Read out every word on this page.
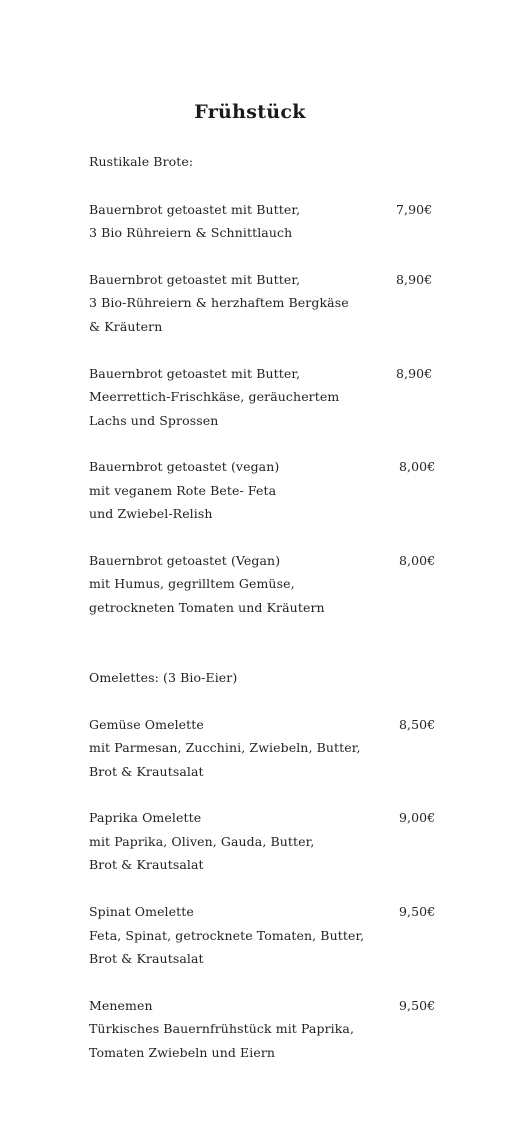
Frühstück
Rustikale Brote:
Bauernbrot getoastet mit Butter,	7,90€
3 Bio Rühreiern & Schnittlauch
Bauernbrot getoastet mit Butter,	8,90€
3 Bio-Rühreiern & herzhaftem Bergkäse
& Kräutern
Bauernbrot getoastet mit Butter,	8,90€
Meerrettich-Frischkäse, geräuchertem
Lachs und Sprossen
Bauernbrot getoastet (vegan)	8,00€
mit veganem Rote Bete- Feta
und Zwiebel-Relish
Bauernbrot getoastet (Vegan)	8,00€
mit Humus, gegrilltem Gemüse,
getrockneten Tomaten und Kräutern
Omelettes: (3 Bio-Eier)
Gemüse Omelette	8,50€
mit Parmesan, Zucchini, Zwiebeln, Butter,
Brot & Krautsalat
Paprika Omelette	9,00€
mit Paprika, Oliven, Gauda, Butter,
Brot & Krautsalat
Spinat Omelette	9,50€
Feta, Spinat, getrocknete Tomaten, Butter,
Brot & Krautsalat
Menemen	9,50€
Türkisches Bauernfrühstück mit Paprika,
Tomaten Zwiebeln und Eiern
